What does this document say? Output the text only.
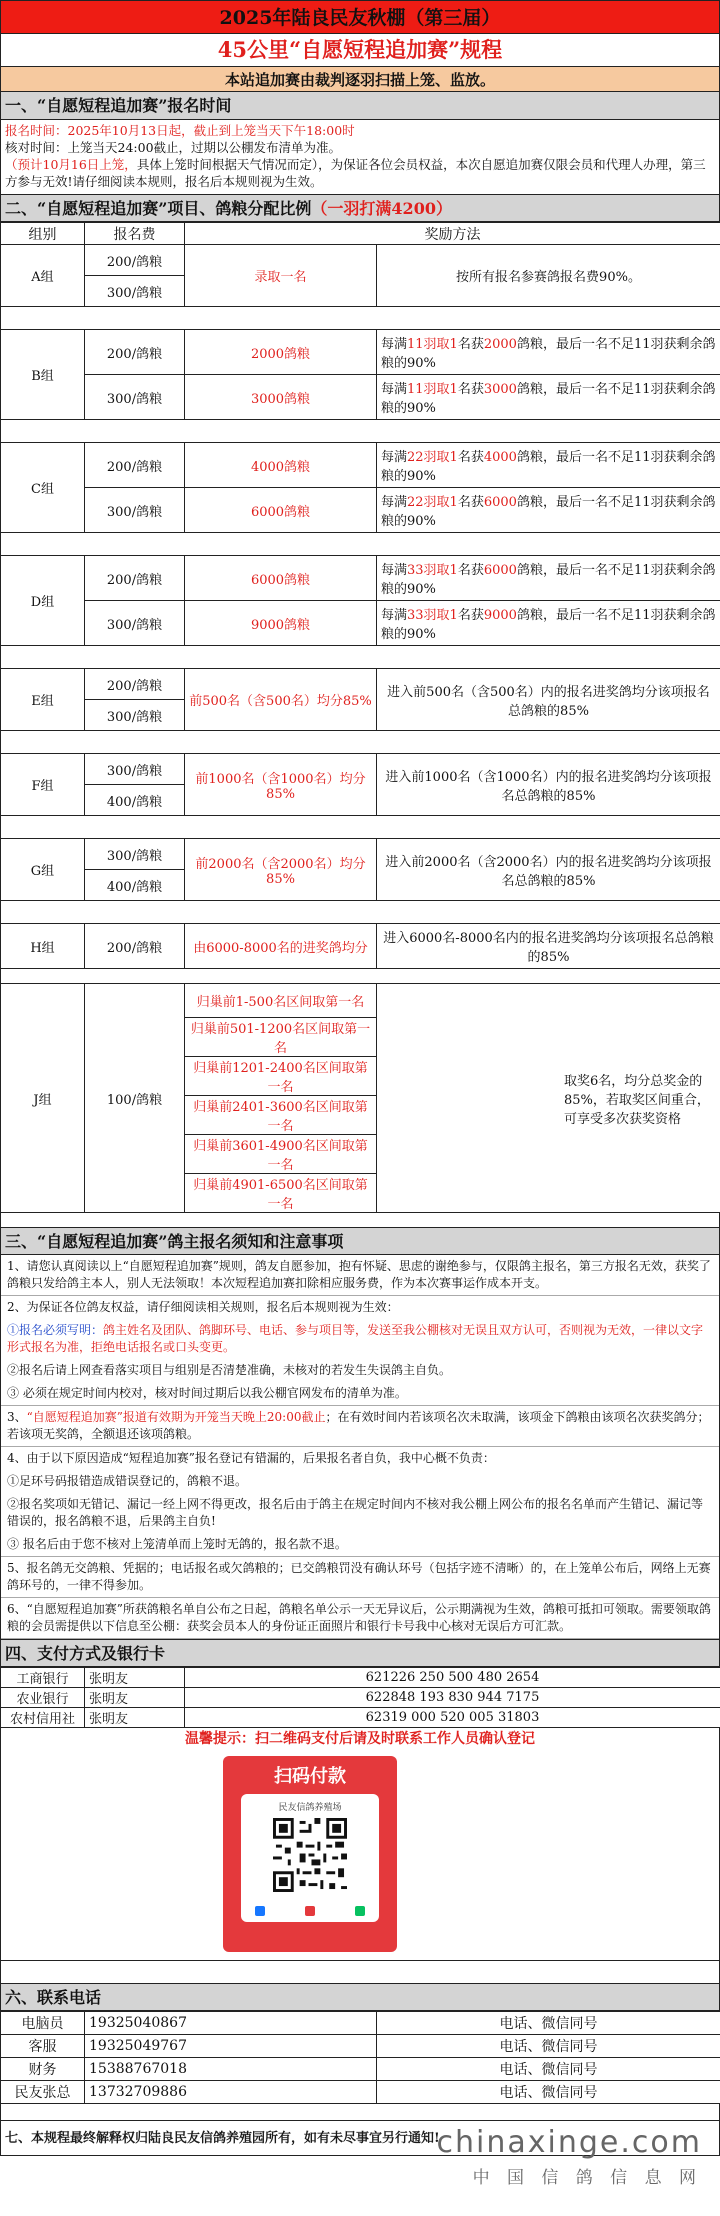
2025年陆良民友秋棚（第三届）
45公里“自愿短程追加赛”规程
本站追加赛由裁判逐羽扫描上笼、监放。
一、“自愿短程追加赛”报名时间
报名时间：2025年10月13日起，截止到上笼当天下午18:00时
核对时间：上笼当天24:00截止，过期以公棚发布清单为准。
（预计10月16日上笼，具体上笼时间根据天气情况而定），为保证各位会员权益，本次自愿追加赛仅限会员和代理人办理，第三方参与无效!请仔细阅读本规则，报名后本规则视为生效。
二、“自愿短程追加赛”项目、鸽粮分配比例（一羽打满4200）
组别	报名费	奖励方法	
A组	200/鸽粮	录取一名	按所有报名参赛鸽报名费90%。
	300/鸽粮		

B组	200/鸽粮	2000鸽粮	每满11羽取1名获2000鸽粮，最后一名不足11羽获剩余鸽粮的90%
	300/鸽粮	3000鸽粮	每满11羽取1名获3000鸽粮，最后一名不足11羽获剩余鸽粮的90%

C组	200/鸽粮	4000鸽粮	每满22羽取1名获4000鸽粮，最后一名不足11羽获剩余鸽粮的90%
	300/鸽粮	6000鸽粮	每满22羽取1名获6000鸽粮，最后一名不足11羽获剩余鸽粮的90%

D组	200/鸽粮	6000鸽粮	每满33羽取1名获6000鸽粮，最后一名不足11羽获剩余鸽粮的90%
	300/鸽粮	9000鸽粮	每满33羽取1名获9000鸽粮，最后一名不足11羽获剩余鸽粮的90%

E组	200/鸽粮	前500名（含500名）均分85%	进入前500名（含500名）内的报名进奖鸽均分该项报名总鸽粮的85%
	300/鸽粮		

F组	300/鸽粮	前1000名（含1000名）均分85%	进入前1000名（含1000名）内的报名进奖鸽均分该项报名总鸽粮的85%
	400/鸽粮		

G组	300/鸽粮	前2000名（含2000名）均分85%	进入前2000名（含2000名）内的报名进奖鸽均分该项报名总鸽粮的85%
	400/鸽粮		

H组	200/鸽粮	由6000-8000名的进奖鸽均分	进入6000名-8000名内的报名进奖鸽均分该项报名总鸽粮的85%

J组	100/鸽粮	归巢前1-500名区间取第一名	取奖6名，均分总奖金的85%，若取奖区间重合，可享受多次获奖资格

		归巢前501-1200名区间取第一名	
		归巢前1201-2400名区间取第一名	
		归巢前2401-3600名区间取第一名	
		归巢前3601-4900名区间取第一名	
		归巢前4901-6500名区间取第一名	
三、“自愿短程追加赛”鸽主报名须知和注意事项
1、请您认真阅读以上“自愿短程追加赛”规则，鸽友自愿参加，抱有怀疑、思虑的谢绝参与，仅限鸽主报名，第三方报名无效，获奖了鸽粮只发给鸽主本人，别人无法领取！本次短程追加赛扣除相应服务费，作为本次赛事运作成本开支。
2、为保证各位鸽友权益，请仔细阅读相关规则，报名后本规则视为生效：
①报名必须写明：鸽主姓名及团队、鸽脚环号、电话、参与项目等，发送至我公棚核对无误且双方认可，否则视为无效，一律以文字形式报名为准，拒绝电话报名或口头变更。
②报名后请上网查看落实项目与组别是否清楚准确，未核对的若发生失误鸽主自负。
③ 必须在规定时间内校对，核对时间过期后以我公棚官网发布的清单为准。
3、“自愿短程追加赛”报道有效期为开笼当天晚上20:00截止；在有效时间内若该项名次未取满，该项金下鸽粮由该项名次获奖鸽分；若该项无奖鸽，全额退还该项鸽粮。
4、由于以下原因造成“短程追加赛”报名登记有错漏的，后果报名者自负，我中心概不负责：
①足环号码报错造成错误登记的，鸽粮不退。
②报名奖项如无错记、漏记一经上网不得更改，报名后由于鸽主在规定时间内不核对我公棚上网公布的报名名单而产生错记、漏记等错误的，报名鸽粮不退，后果鸽主自负!
③ 报名后由于您不核对上笼清单而上笼时无鸽的，报名款不退。
5、报名鸽无交鸽粮、凭据的；电话报名或欠鸽粮的；已交鸽粮罚没有确认环号（包括字迹不清晰）的，在上笼单公布后，网络上无赛鸽环号的，一律不得参加。
6、“自愿短程追加赛”所获鸽粮名单自公布之日起，鸽粮名单公示一天无异议后，公示期满视为生效，鸽粮可抵扣可领取。需要领取鸽粮的会员需提供以下信息至公棚：获奖会员本人的身份证正面照片和银行卡号我中心核对无误后方可汇款。
四、支付方式及银行卡
工商银行	张明友	621226 250 500 480 2654
农业银行	张明友	622848 193 830 944 7175
农村信用社	张明友	62319 000 520 005 31803
温馨提示：扫二维码支付后请及时联系工作人员确认登记
扫码付款
民友信鸽养殖场
六、联系电话
电脑员	19325040867	电话、微信同号
客服	19325049767	电话、微信同号
财务	15388767018	电话、微信同号
民友张总	13732709886	电话、微信同号
七、本规程最终解释权归陆良民友信鸽养殖园所有，如有未尽事宜另行通知!
chinaxinge.com
中 国 信 鸽 信 息 网
